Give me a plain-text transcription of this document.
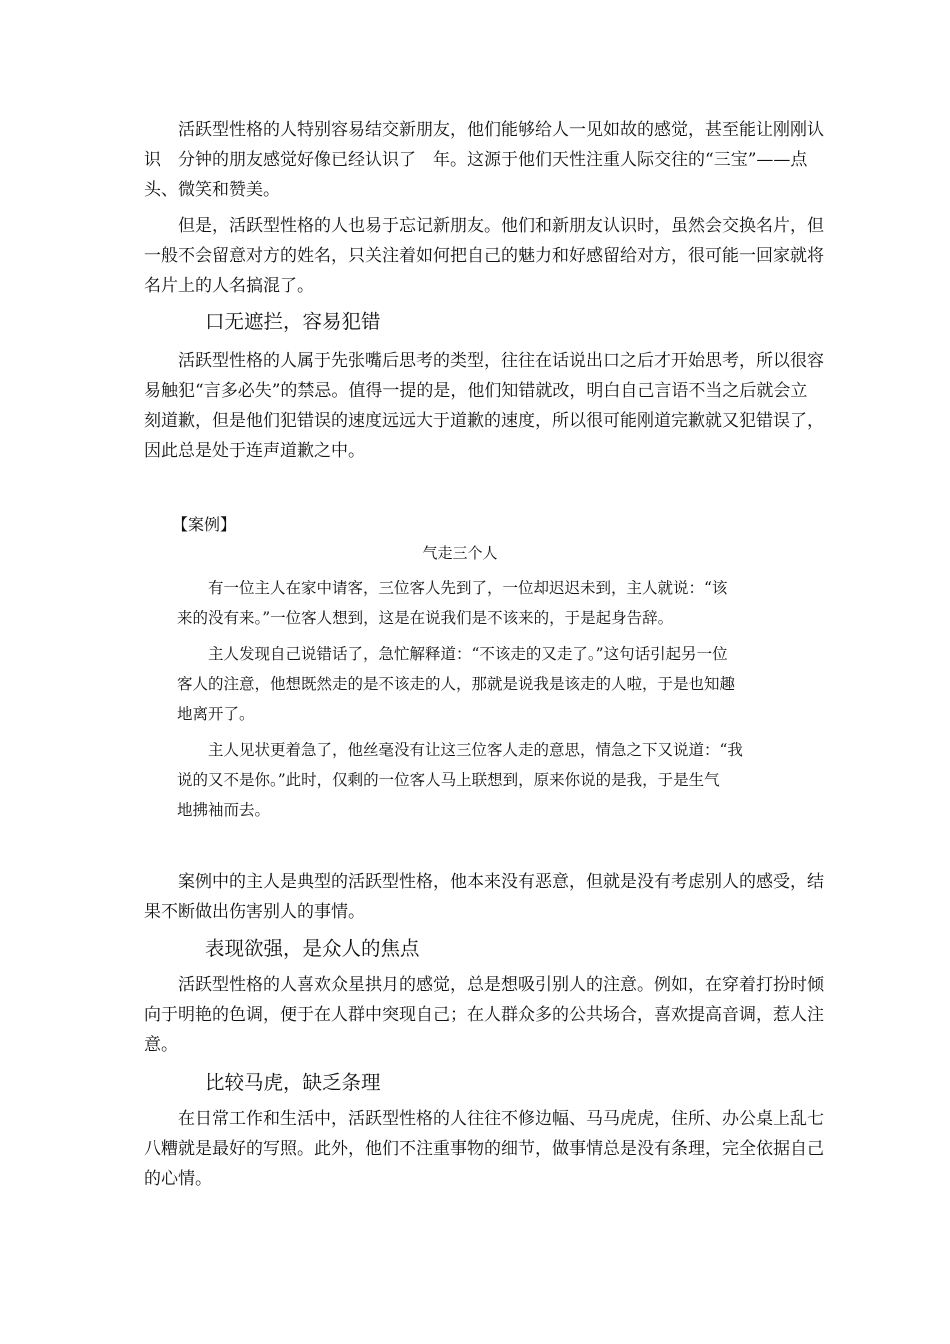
　　活跃型性格的人特别容易结交新朋友，他们能够给人一见如故的感觉，甚至能让刚刚认
识　分钟的朋友感觉好像已经认识了　年。这源于他们天性注重人际交往的“三宝”——点
头、微笑和赞美。
　　但是，活跃型性格的人也易于忘记新朋友。他们和新朋友认识时，虽然会交换名片，但
一般不会留意对方的姓名，只关注着如何把自己的魅力和好感留给对方，很可能一回家就将
名片上的人名搞混了。
口无遮拦，容易犯错
　　活跃型性格的人属于先张嘴后思考的类型，往往在话说出口之后才开始思考，所以很容
易触犯“言多必失”的禁忌。值得一提的是，他们知错就改，明白自己言语不当之后就会立
刻道歉，但是他们犯错误的速度远远大于道歉的速度，所以很可能刚道完歉就又犯错误了，
因此总是处于连声道歉之中。
【案例】
气走三个人
　　有一位主人在家中请客，三位客人先到了，一位却迟迟未到，主人就说：“该
来的没有来。”一位客人想到，这是在说我们是不该来的，于是起身告辞。
　　主人发现自己说错话了，急忙解释道：“不该走的又走了。”这句话引起另一位
客人的注意，他想既然走的是不该走的人，那就是说我是该走的人啦，于是也知趣
地离开了。
　　主人见状更着急了，他丝毫没有让这三位客人走的意思，情急之下又说道：“我
说的又不是你。”此时，仅剩的一位客人马上联想到，原来你说的是我，于是生气
地拂袖而去。
　　案例中的主人是典型的活跃型性格，他本来没有恶意，但就是没有考虑别人的感受，结
果不断做出伤害别人的事情。
表现欲强，是众人的焦点
　　活跃型性格的人喜欢众星拱月的感觉，总是想吸引别人的注意。例如，在穿着打扮时倾
向于明艳的色调，便于在人群中突现自己；在人群众多的公共场合，喜欢提高音调，惹人注
意。
比较马虎，缺乏条理
　　在日常工作和生活中，活跃型性格的人往往不修边幅、马马虎虎，住所、办公桌上乱七
八糟就是最好的写照。此外，他们不注重事物的细节，做事情总是没有条理，完全依据自己
的心情。
